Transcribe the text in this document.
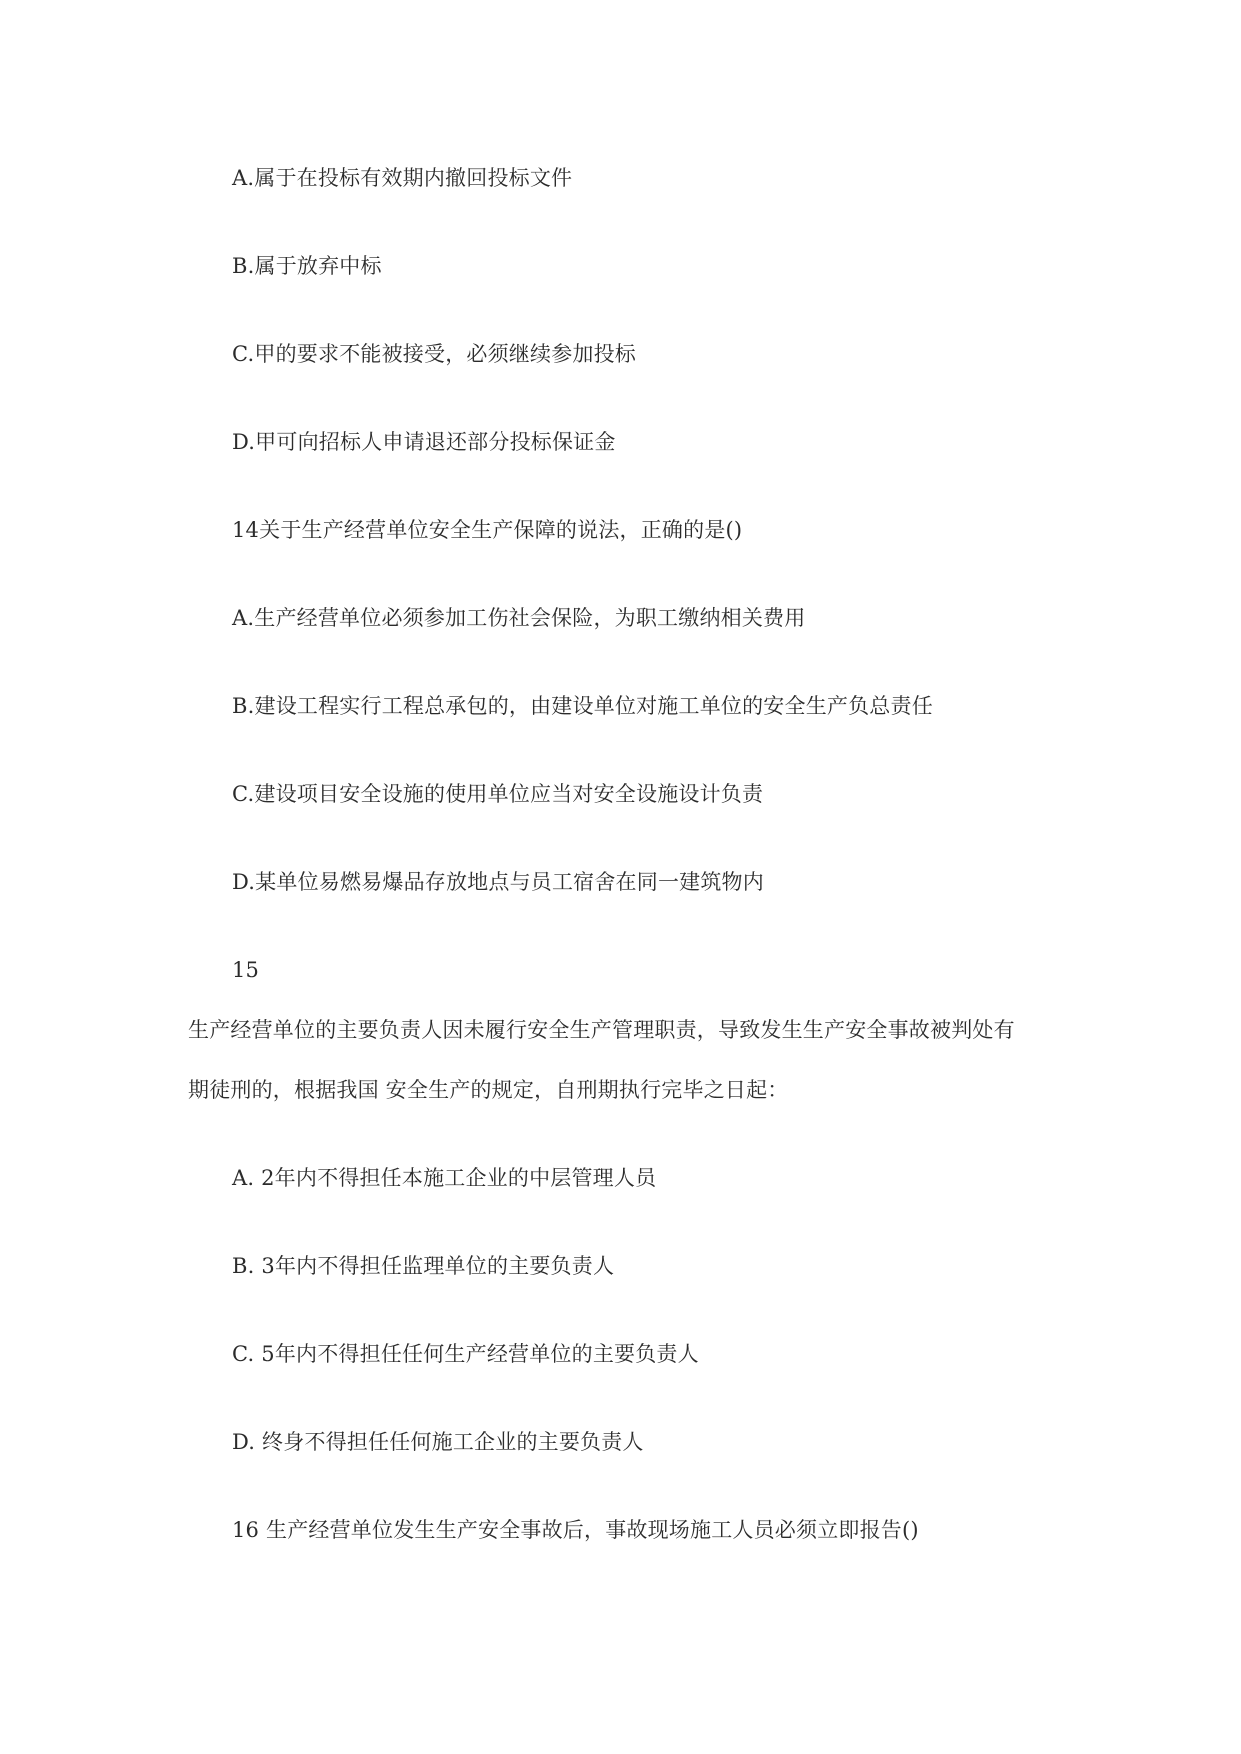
A.属于在投标有效期内撤回投标文件
B.属于放弃中标
C.甲的要求不能被接受，必须继续参加投标
D.甲可向招标人申请退还部分投标保证金
14关于生产经营单位安全生产保障的说法，正确的是()
A.生产经营单位必须参加工伤社会保险，为职工缴纳相关费用
B.建设工程实行工程总承包的，由建设单位对施工单位的安全生产负总责任
C.建设项目安全设施的使用单位应当对安全设施设计负责
D.某单位易燃易爆品存放地点与员工宿舍在同一建筑物内
15
生产经营单位的主要负责人因未履行安全生产管理职责，导致发生生产安全事故被判处有
期徒刑的，根据我国 安全生产的规定，自刑期执行完毕之日起：
A. 2年内不得担任本施工企业的中层管理人员
B. 3年内不得担任监理单位的主要负责人
C. 5年内不得担任任何生产经营单位的主要负责人
D. 终身不得担任任何施工企业的主要负责人
16 生产经营单位发生生产安全事故后，事故现场施工人员必须立即报告()
